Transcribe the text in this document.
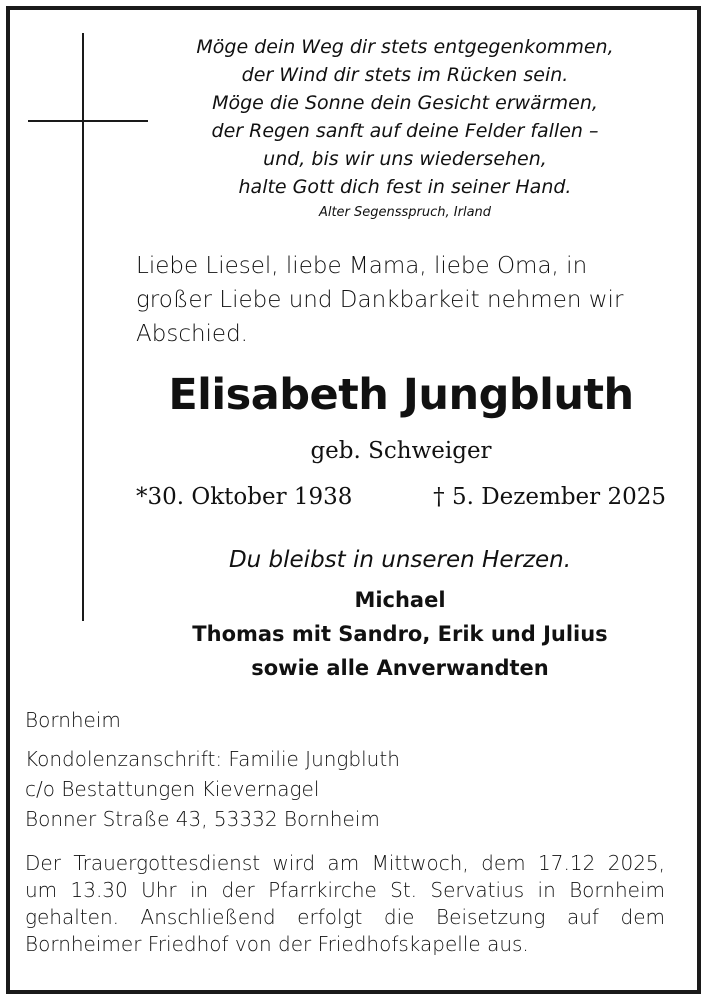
Möge dein Weg dir stets entgegenkommen,
der Wind dir stets im Rücken sein.
Möge die Sonne dein Gesicht erwärmen,
der Regen sanft auf deine Felder fallen –
und, bis wir uns wiedersehen,
halte Gott dich fest in seiner Hand.
Alter Segensspruch, Irland
Liebe Liesel, liebe Mama, liebe Oma, in
großer Liebe und Dankbarkeit nehmen wir
Abschied.
Elisabeth Jungbluth
geb. Schweiger
*30. Oktober 1938	† 5. Dezember 2025
Du bleibst in unseren Herzen.
Michael
Thomas mit Sandro, Erik und Julius
sowie alle Anverwandten
Bornheim
Kondolenzanschrift: Familie Jungbluth
c/o Bestattungen Kievernagel
Bonner Straße 43, 53332 Bornheim
Der Trauergottesdienst wird am Mittwoch, dem 17.12 2025,
um 13.30 Uhr in der Pfarrkirche St. Servatius in Bornheim
gehalten. Anschließend erfolgt die Beisetzung auf dem
Bornheimer Friedhof von der Friedhofskapelle aus.
